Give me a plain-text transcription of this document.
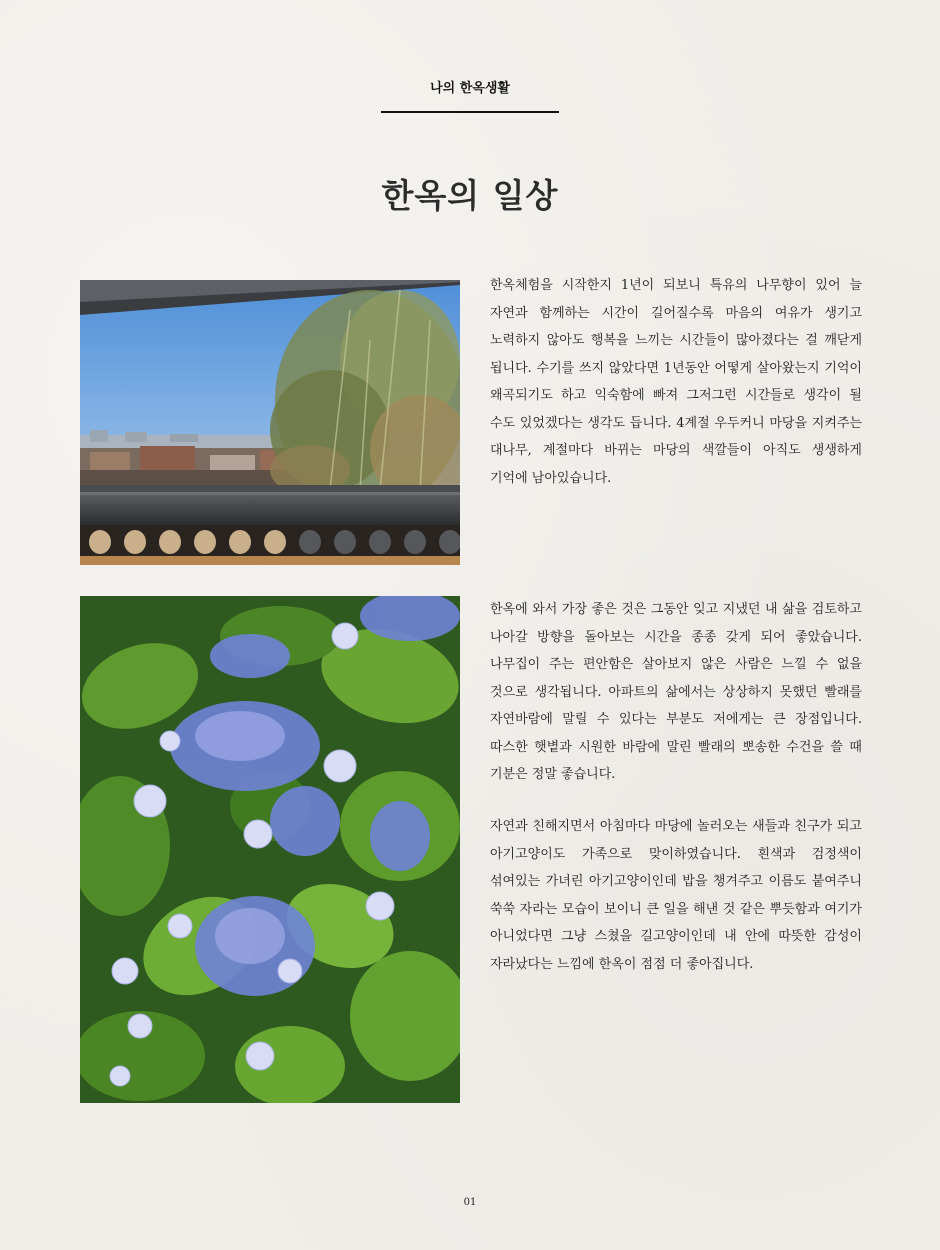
나의 한옥생활
한옥의 일상

한옥체험을 시작한지 1년이 되보니 특유의 나무향이 있어 늘 자연과 함께하는 시간이 길어질수록 마음의 여유가 생기고 노력하지 않아도 행복을 느끼는 시간들이 많아졌다는 걸 깨닫게 됩니다. 수기를 쓰지 않았다면 1년동안 어떻게 살아왔는지 기억이 왜곡되기도 하고 익숙함에 빠져 그저그런 시간들로 생각이 될 수도 있었겠다는 생각도 듭니다. 4계절 우두커니 마당을 지켜주는 대나무, 계절마다 바뀌는 마당의 색깔들이 아직도 생생하게 기억에 남아있습니다.

한옥에 와서 가장 좋은 것은 그동안 잊고 지냈던 내 삶을 검토하고 나아갈 방향을 돌아보는 시간을 종종 갖게 되어 좋았습니다. 나무집이 주는 편안함은 살아보지 않은 사람은 느낄 수 없을 것으로 생각됩니다. 아파트의 삶에서는 상상하지 못했던 빨래를 자연바람에 말릴 수 있다는 부분도 저에게는 큰 장점입니다. 따스한 햇볕과 시원한 바람에 말린 빨래의 뽀송한 수건을 쓸 때 기분은 정말 좋습니다.

자연과 친해지면서 아침마다 마당에 놀러오는 새들과 친구가 되고 아기고양이도 가족으로 맞이하였습니다. 흰색과 검정색이 섞여있는 가녀린 아기고양이인데 밥을 챙겨주고 이름도 붙여주니 쑥쑥 자라는 모습이 보이니 큰 일을 해낸 것 같은 뿌듯함과 여기가 아니었다면 그냥 스쳤을 길고양이인데 내 안에 따뜻한 감성이 자라났다는 느낌에 한옥이 점점 더 좋아집니다.

01
